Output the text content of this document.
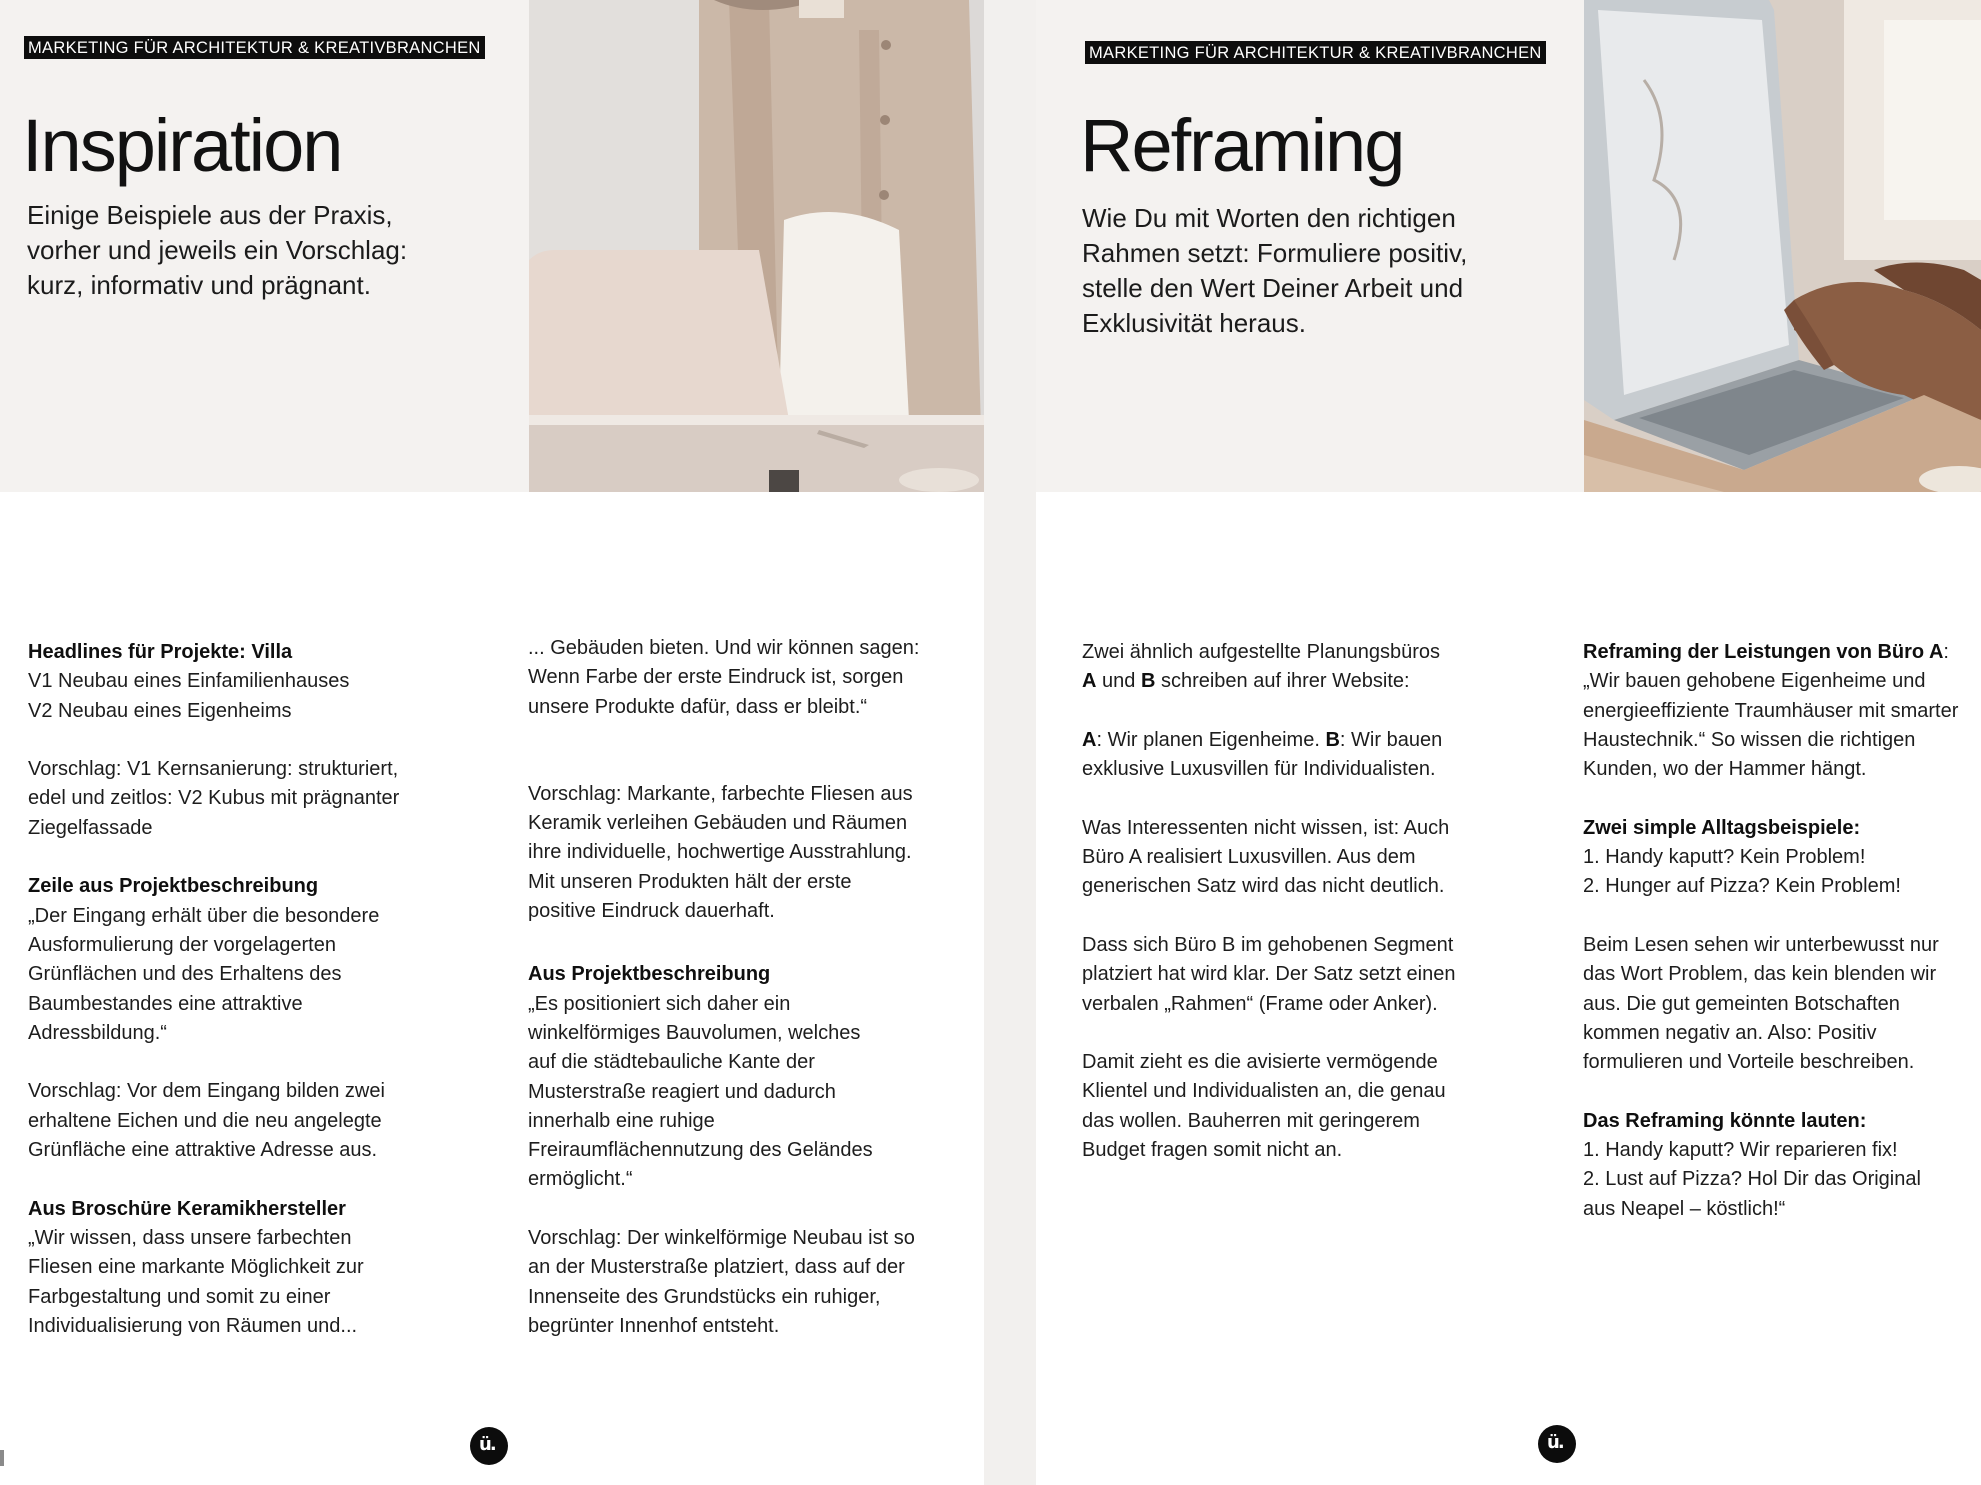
MARKETING FÜR ARCHITEKTUR & KREATIVBRANCHEN
Inspiration
Einige Beispiele aus der Praxis,
vorher und jeweils ein Vorschlag:
kurz, informativ und prägnant.

Headlines für Projekte: Villa
V1 Neubau eines Einfamilienhauses
V2 Neubau eines Eigenheims

Vorschlag: V1 Kernsanierung: strukturiert,
edel und zeitlos: V2 Kubus mit prägnanter
Ziegelfassade

Zeile aus Projektbeschreibung
„Der Eingang erhält über die besondere
Ausformulierung der vorgelagerten
Grünflächen und des Erhaltens des
Baumbestandes eine attraktive
Adressbildung.“

Vorschlag: Vor dem Eingang bilden zwei
erhaltene Eichen und die neu angelegte
Grünfläche eine attraktive Adresse aus.

Aus Broschüre Keramikhersteller
„Wir wissen, dass unsere farbechten
Fliesen eine markante Möglichkeit zur
Farbgestaltung und somit zu einer
Individualisierung von Räumen und...

... Gebäuden bieten. Und wir können sagen:
Wenn Farbe der erste Eindruck ist, sorgen
unsere Produkte dafür, dass er bleibt.“

Vorschlag: Markante, farbechte Fliesen aus
Keramik verleihen Gebäuden und Räumen
ihre individuelle, hochwertige Ausstrahlung.
Mit unseren Produkten hält der erste
positive Eindruck dauerhaft.

Aus Projektbeschreibung
„Es positioniert sich daher ein
winkelförmiges Bauvolumen, welches
auf die städtebauliche Kante der
Musterstraße reagiert und dadurch
innerhalb eine ruhige
Freiraumflächennutzung des Geländes
ermöglicht.“

Vorschlag: Der winkelförmige Neubau ist so
an der Musterstraße platziert, dass auf der
Innenseite des Grundstücks ein ruhiger,
begrünter Innenhof entsteht.

ü.
MARKETING FÜR ARCHITEKTUR & KREATIVBRANCHEN
Reframing
Wie Du mit Worten den richtigen
Rahmen setzt: Formuliere positiv,
stelle den Wert Deiner Arbeit und
Exklusivität heraus.

Zwei ähnlich aufgestellte Planungsbüros
A und B schreiben auf ihrer Website:

A: Wir planen Eigenheime. B: Wir bauen
exklusive Luxusvillen für Individualisten.

Was Interessenten nicht wissen, ist: Auch
Büro A realisiert Luxusvillen. Aus dem
generischen Satz wird das nicht deutlich.

Dass sich Büro B im gehobenen Segment
platziert hat wird klar. Der Satz setzt einen
verbalen „Rahmen“ (Frame oder Anker).

Damit zieht es die avisierte vermögende
Klientel und Individualisten an, die genau
das wollen. Bauherren mit geringerem
Budget fragen somit nicht an.

Reframing der Leistungen von Büro A:
„Wir bauen gehobene Eigenheime und
energieeffiziente Traumhäuser mit smarter
Haustechnik.“ So wissen die richtigen
Kunden, wo der Hammer hängt.

Zwei simple Alltagsbeispiele:
1. Handy kaputt? Kein Problem!
2. Hunger auf Pizza? Kein Problem!

Beim Lesen sehen wir unterbewusst nur
das Wort Problem, das kein blenden wir
aus. Die gut gemeinten Botschaften
kommen negativ an. Also: Positiv
formulieren und Vorteile beschreiben.

Das Reframing könnte lauten:
1. Handy kaputt? Wir reparieren fix!
2. Lust auf Pizza? Hol Dir das Original
aus Neapel – köstlich!“

ü.
